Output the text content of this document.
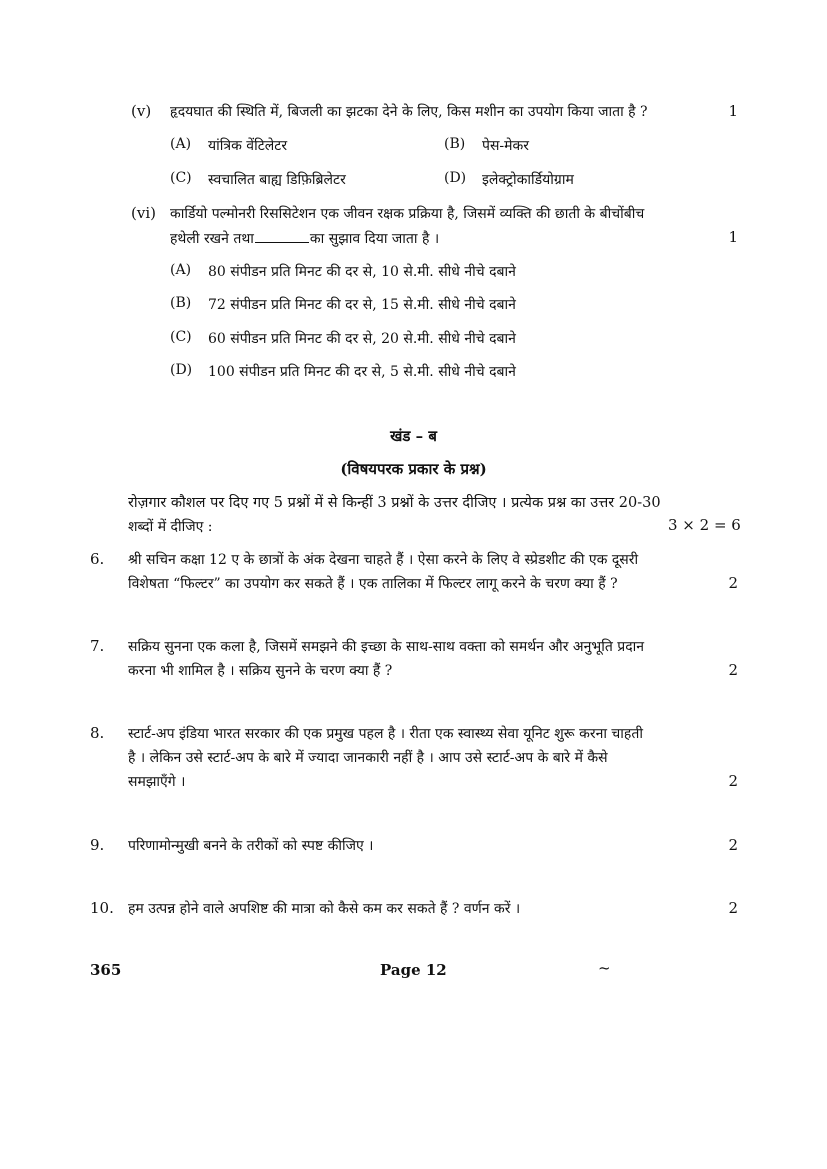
(v) हृदयघात की स्थिति में, बिजली का झटका देने के लिए, किस मशीन का उपयोग किया जाता है ?	1
(A) यांत्रिक वेंटिलेटर	(B) पेस-मेकर
(C) स्वचालित बाह्य डिफ़िब्रिलेटर	(D) इलेक्ट्रोकार्डियोग्राम
(vi) कार्डियो पल्मोनरी रिससिटेशन एक जीवन रक्षक प्रक्रिया है, जिसमें व्यक्ति की छाती के बीचोंबीच
हथेली रखने तथा	का सुझाव दिया जाता है ।	1
(A) 80 संपीडन प्रति मिनट की दर से, 10 से.मी. सीधे नीचे दबाने
(B) 72 संपीडन प्रति मिनट की दर से, 15 से.मी. सीधे नीचे दबाने
(C) 60 संपीडन प्रति मिनट की दर से, 20 से.मी. सीधे नीचे दबाने
(D) 100 संपीडन प्रति मिनट की दर से, 5 से.मी. सीधे नीचे दबाने
खंड – ब
(विषयपरक प्रकार के प्रश्न)
रोज़गार कौशल पर दिए गए 5 प्रश्नों में से किन्हीं 3 प्रश्नों के उत्तर दीजिए । प्रत्येक प्रश्न का उत्तर 20-30
शब्दों में दीजिए :	3 × 2 = 6
6. श्री सचिन कक्षा 12 ए के छात्रों के अंक देखना चाहते हैं । ऐसा करने के लिए वे स्प्रेडशीट की एक दूसरी
विशेषता “फिल्टर” का उपयोग कर सकते हैं । एक तालिका में फिल्टर लागू करने के चरण क्या हैं ?	2
7. सक्रिय सुनना एक कला है, जिसमें समझने की इच्छा के साथ-साथ वक्ता को समर्थन और अनुभूति प्रदान
करना भी शामिल है । सक्रिय सुनने के चरण क्या हैं ?	2
8. स्टार्ट-अप इंडिया भारत सरकार की एक प्रमुख पहल है । रीता एक स्वास्थ्य सेवा यूनिट शुरू करना चाहती
है । लेकिन उसे स्टार्ट-अप के बारे में ज्यादा जानकारी नहीं है । आप उसे स्टार्ट-अप के बारे में कैसे
समझाएँगे ।	2
9. परिणामोन्मुखी बनने के तरीकों को स्पष्ट कीजिए ।	2
10. हम उत्पन्न होने वाले अपशिष्ट की मात्रा को कैसे कम कर सकते हैं ? वर्णन करें ।	2
365	Page 12	~
